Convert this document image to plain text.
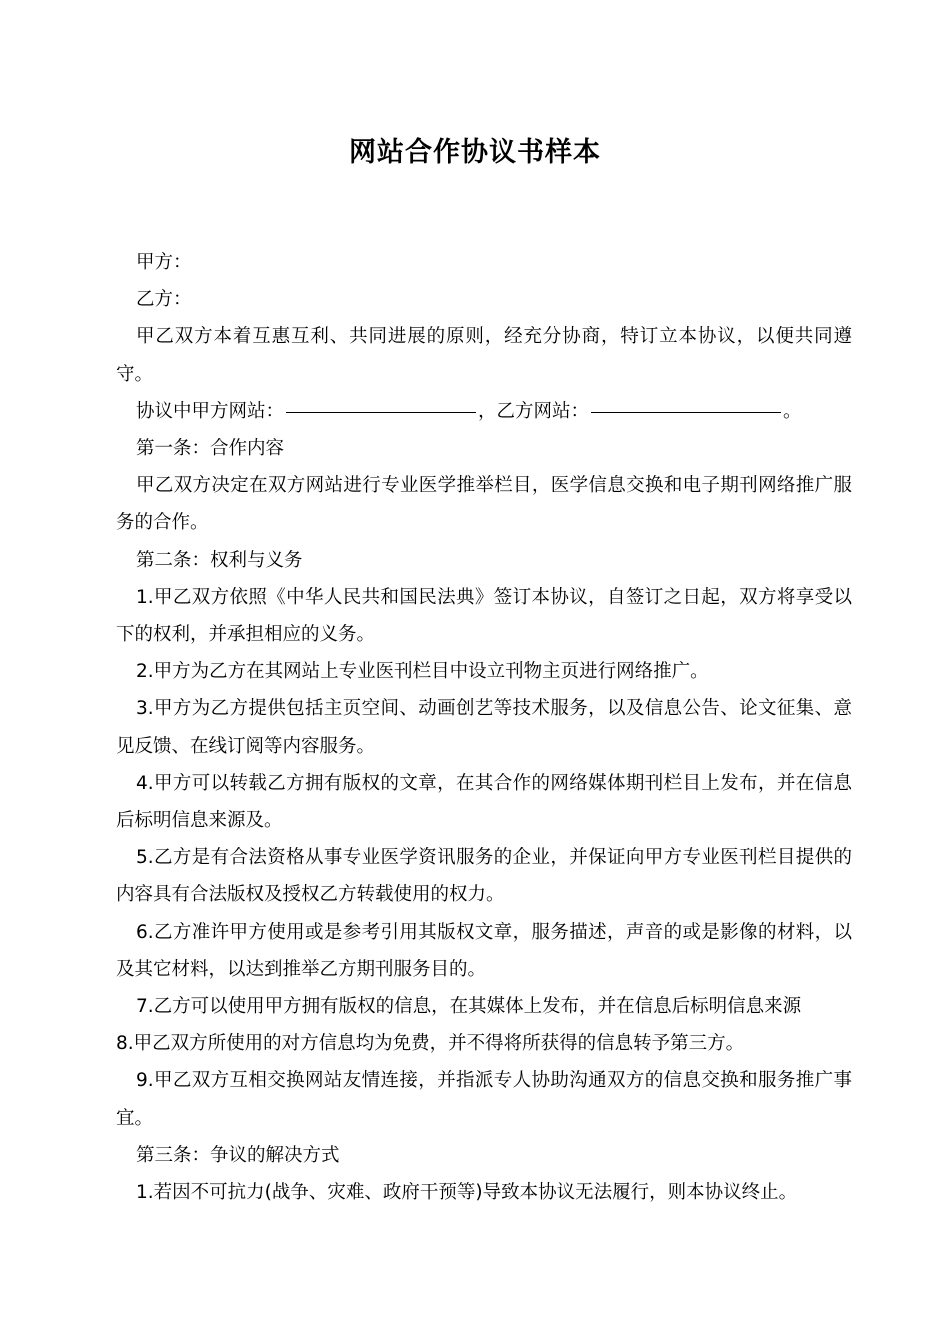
网站合作协议书样本

甲方：

乙方：

甲乙双方本着互惠互利、共同进展的原则，经充分协商，特订立本协议，以便共同遵守。

协议中甲方网站：	，乙方网站：	。

第一条：合作内容

甲乙双方决定在双方网站进行专业医学推举栏目，医学信息交换和电子期刊网络推广服务的合作。

第二条：权利与义务

1.甲乙双方依照《中华人民共和国民法典》签订本协议，自签订之日起，双方将享受以下的权利，并承担相应的义务。

2.甲方为乙方在其网站上专业医刊栏目中设立刊物主页进行网络推广。

3.甲方为乙方提供包括主页空间、动画创艺等技术服务，以及信息公告、论文征集、意见反馈、在线订阅等内容服务。

4.甲方可以转载乙方拥有版权的文章，在其合作的网络媒体期刊栏目上发布，并在信息后标明信息来源及。

5.乙方是有合法资格从事专业医学资讯服务的企业，并保证向甲方专业医刊栏目提供的内容具有合法版权及授权乙方转载使用的权力。

6.乙方准许甲方使用或是参考引用其版权文章，服务描述，声音的或是影像的材料，以及其它材料，以达到推举乙方期刊服务目的。

7.乙方可以使用甲方拥有版权的信息，在其媒体上发布，并在信息后标明信息来源

8.甲乙双方所使用的对方信息均为免费，并不得将所获得的信息转予第三方。

9.甲乙双方互相交换网站友情连接，并指派专人协助沟通双方的信息交换和服务推广事宜。

第三条：争议的解决方式

1.若因不可抗力(战争、灾难、政府干预等)导致本协议无法履行，则本协议终止。
